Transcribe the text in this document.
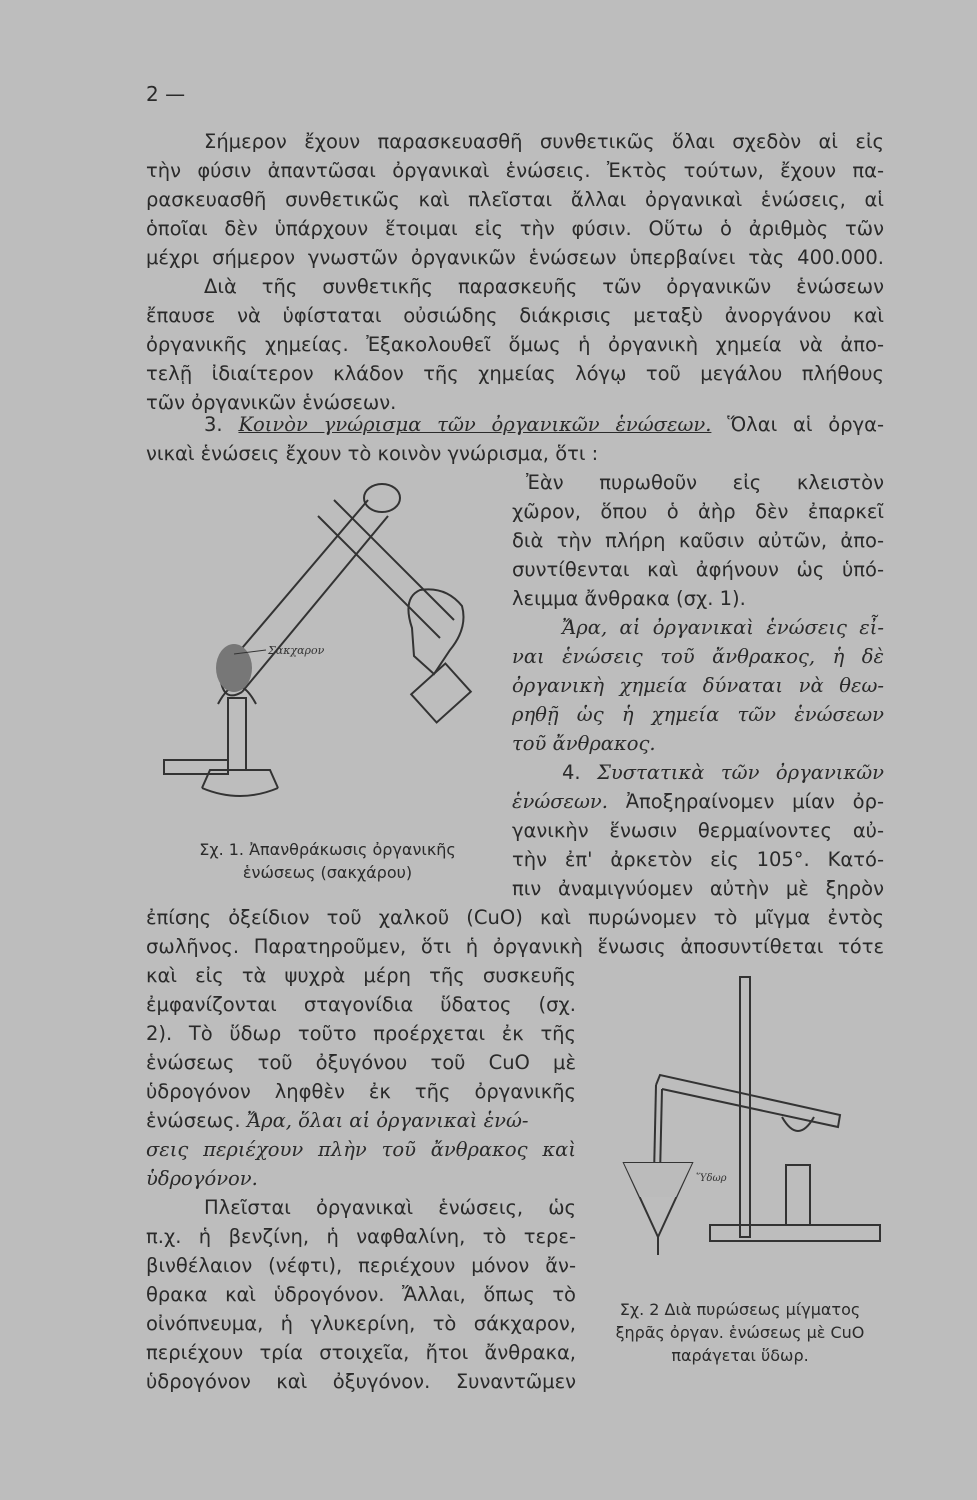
2 —
Σήμερον ἔχουν παρασκευασθῆ συνθετικῶς ὅλαι σχεδὸν αἱ εἰς
τὴν φύσιν ἀπαντῶσαι ὀργανικαὶ ἑνώσεις. Ἐκτὸς τούτων, ἔχουν πα-
ρασκευασθῆ συνθετικῶς καὶ πλεῖσται ἄλλαι ὀργανικαὶ ἑνώσεις, αἱ
ὁποῖαι δὲν ὑπάρχουν ἕτοιμαι εἰς τὴν φύσιν. Οὕτω ὁ ἀριθμὸς τῶν
μέχρι σήμερον γνωστῶν ὀργανικῶν ἑνώσεων ὑπερβαίνει τὰς 400.000.
Διὰ τῆς συνθετικῆς παρασκευῆς τῶν ὀργανικῶν ἑνώσεων
ἔπαυσε νὰ ὑφίσταται οὐσιώδης διάκρισις μεταξὺ ἀνοργάνου καὶ
ὀργανικῆς χημείας. Ἐξακολουθεῖ ὅμως ἡ ὀργανικὴ χημεία νὰ ἀπο-
τελῇ ἰδιαίτερον κλάδον τῆς χημείας λόγῳ τοῦ μεγάλου πλήθους
τῶν ὀργανικῶν ἑνώσεων.
3. Κοινὸν γνώρισμα τῶν ὀργανικῶν ἑνώσεων. Ὅλαι αἱ ὀργα-
νικαὶ ἑνώσεις ἔχουν τὸ κοινὸν γνώρισμα, ὅτι :
Ἐὰν πυρωθοῦν εἰς κλειστὸν
χῶρον, ὅπου ὁ ἀὴρ δὲν ἐπαρκεῖ
διὰ τὴν πλήρη καῦσιν αὐτῶν, ἀπο-
συντίθενται καὶ ἀφήνουν ὡς ὑπό-
λειμμα ἄνθρακα (σχ. 1).
Ἄρα, αἱ ὀργανικαὶ ἑνώσεις εἶ-
ναι ἑνώσεις τοῦ ἄνθρακος, ἡ δὲ
ὀργανικὴ χημεία δύναται νὰ θεω-
ρηθῇ ὡς ἡ χημεία τῶν ἑνώσεων
τοῦ ἄνθρακος.
4. Συστατικὰ τῶν ὀργανικῶν
ἑνώσεων. Ἀποξηραίνομεν μίαν ὀρ-
γανικὴν ἕνωσιν θερμαίνοντες αὐ-
τὴν ἐπ' ἀρκετὸν εἰς 105°. Κατό-
πιν ἀναμιγνύομεν αὐτὴν μὲ ξηρὸν
Σάκχαρον
Σχ. 1. Ἀπανθράκωσις ὀργανικῆς
ἑνώσεως (σακχάρου)
ἐπίσης ὀξείδιον τοῦ χαλκοῦ (CuO) καὶ πυρώνομεν τὸ μῖγμα ἐντὸς
σωλῆνος. Παρατηροῦμεν, ὅτι ἡ ὀργανικὴ ἕνωσις ἀποσυντίθεται τότε
καὶ εἰς τὰ ψυχρὰ μέρη τῆς συσκευῆς
ἐμφανίζονται σταγονίδια ὕδατος (σχ.
2). Τὸ ὕδωρ τοῦτο προέρχεται ἐκ τῆς
ἑνώσεως τοῦ ὀξυγόνου τοῦ CuO μὲ
ὑδρογόνον ληφθὲν ἐκ τῆς ὀργανικῆς
ἑνώσεως. Ἄρα, ὅλαι αἱ ὀργανικαὶ ἑνώ-
σεις περιέχουν πλὴν τοῦ ἄνθρακος καὶ
ὑδρογόνον.
Πλεῖσται ὀργανικαὶ ἑνώσεις, ὡς
π.χ. ἡ βενζίνη, ἡ ναφθαλίνη, τὸ τερε-
βινθέλαιον (νέφτι), περιέχουν μόνον ἄν-
θρακα καὶ ὑδρογόνον. Ἄλλαι, ὅπως τὸ
οἰνόπνευμα, ἡ γλυκερίνη, τὸ σάκχαρον,
περιέχουν τρία στοιχεῖα, ἤτοι ἄνθρακα,
ὑδρογόνον καὶ ὀξυγόνον. Συναντῶμεν
Ὕδωρ
Σχ. 2 Διὰ πυρώσεως μίγματος
ξηρᾶς ὀργαν. ἑνώσεως μὲ CuO
παράγεται ὕδωρ.
